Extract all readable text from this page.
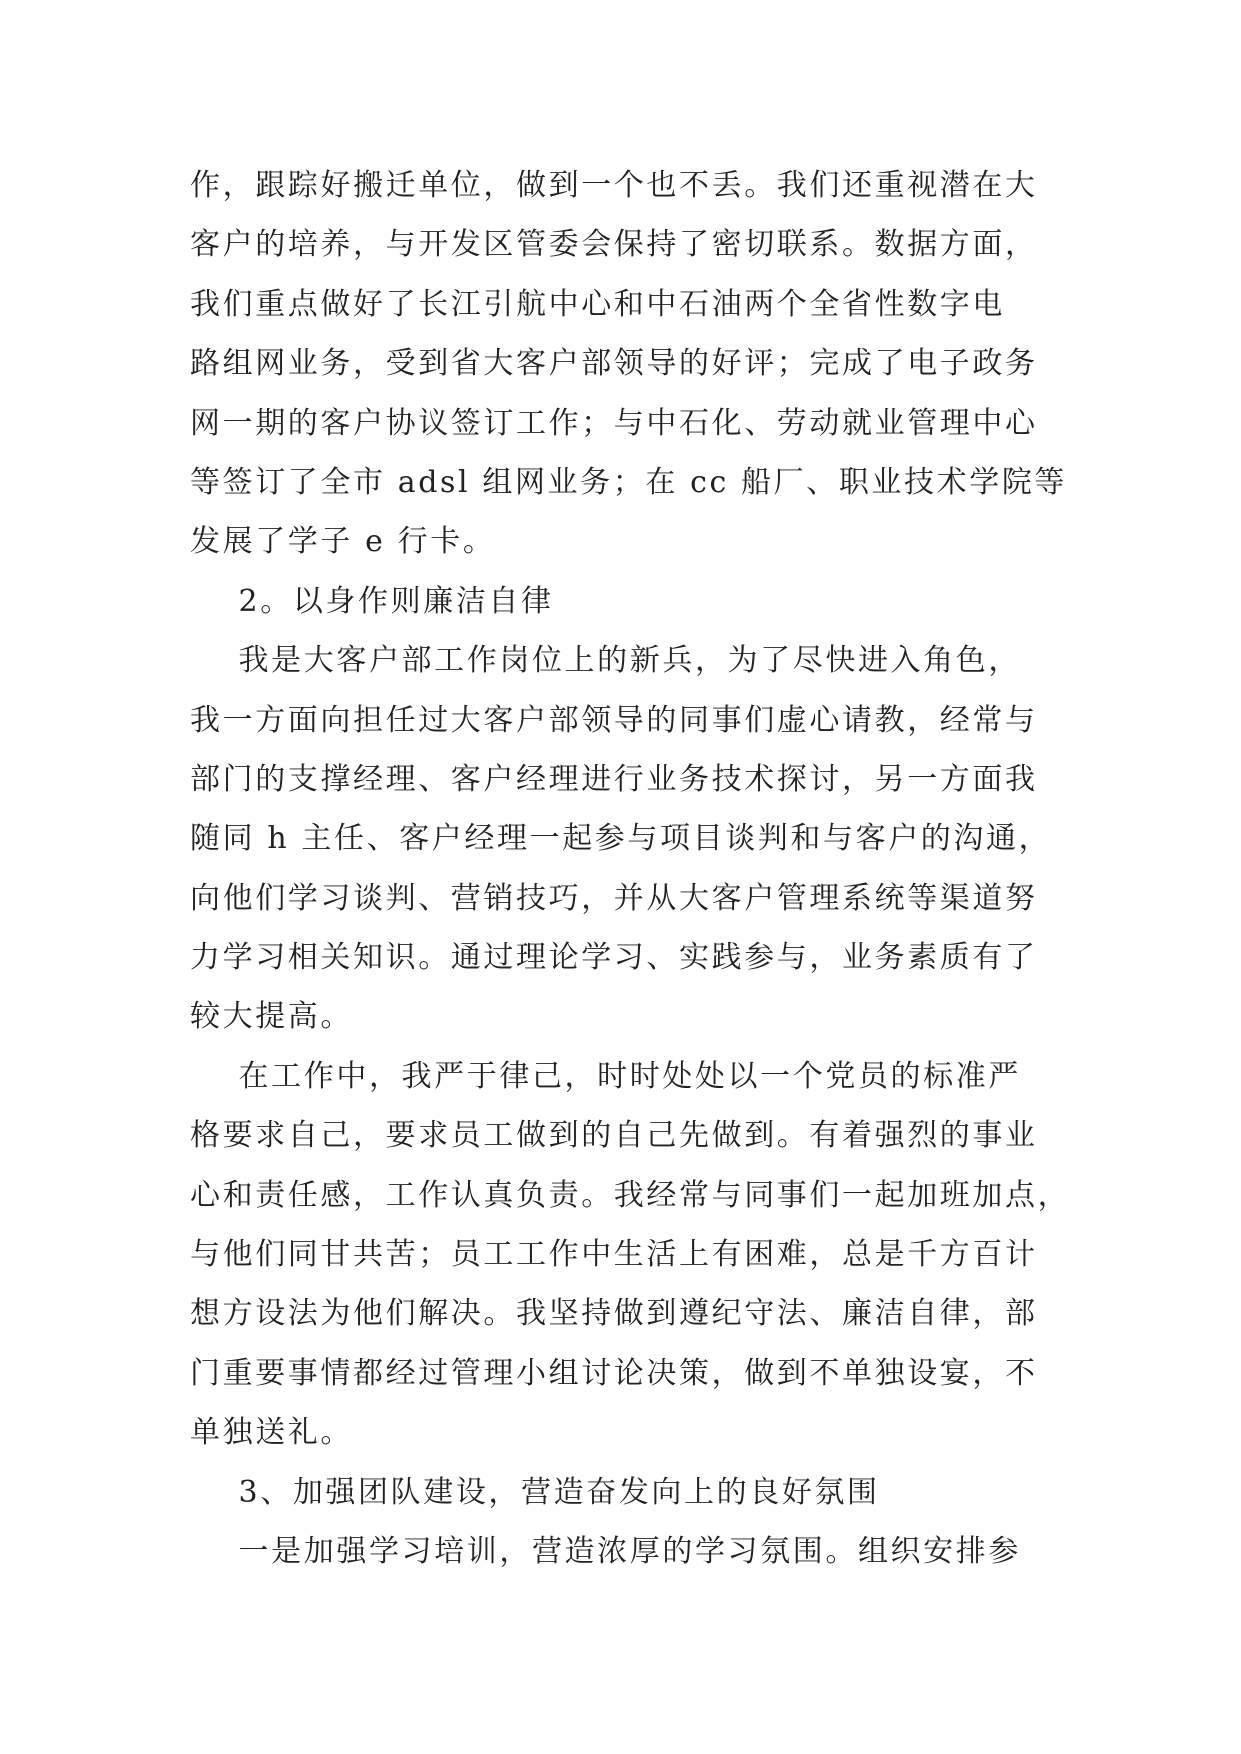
作，跟踪好搬迁单位，做到一个也不丢。我们还重视潜在大
客户的培养，与开发区管委会保持了密切联系。数据方面，
我们重点做好了长江引航中心和中石油两个全省性数字电
路组网业务，受到省大客户部领导的好评；完成了电子政务
网一期的客户协议签订工作；与中石化、劳动就业管理中心
等签订了全市 adsl 组网业务；在 cc 船厂、职业技术学院等
发展了学子 e 行卡。
2。以身作则廉洁自律
我是大客户部工作岗位上的新兵，为了尽快进入角色，
我一方面向担任过大客户部领导的同事们虚心请教，经常与
部门的支撑经理、客户经理进行业务技术探讨，另一方面我
随同 h 主任、客户经理一起参与项目谈判和与客户的沟通，
向他们学习谈判、营销技巧，并从大客户管理系统等渠道努
力学习相关知识。通过理论学习、实践参与，业务素质有了
较大提高。
在工作中，我严于律己，时时处处以一个党员的标准严
格要求自己，要求员工做到的自己先做到。有着强烈的事业
心和责任感，工作认真负责。我经常与同事们一起加班加点，
与他们同甘共苦；员工工作中生活上有困难，总是千方百计
想方设法为他们解决。我坚持做到遵纪守法、廉洁自律，部
门重要事情都经过管理小组讨论决策，做到不单独设宴，不
单独送礼。
3、加强团队建设，营造奋发向上的良好氛围
一是加强学习培训，营造浓厚的学习氛围。组织安排参
